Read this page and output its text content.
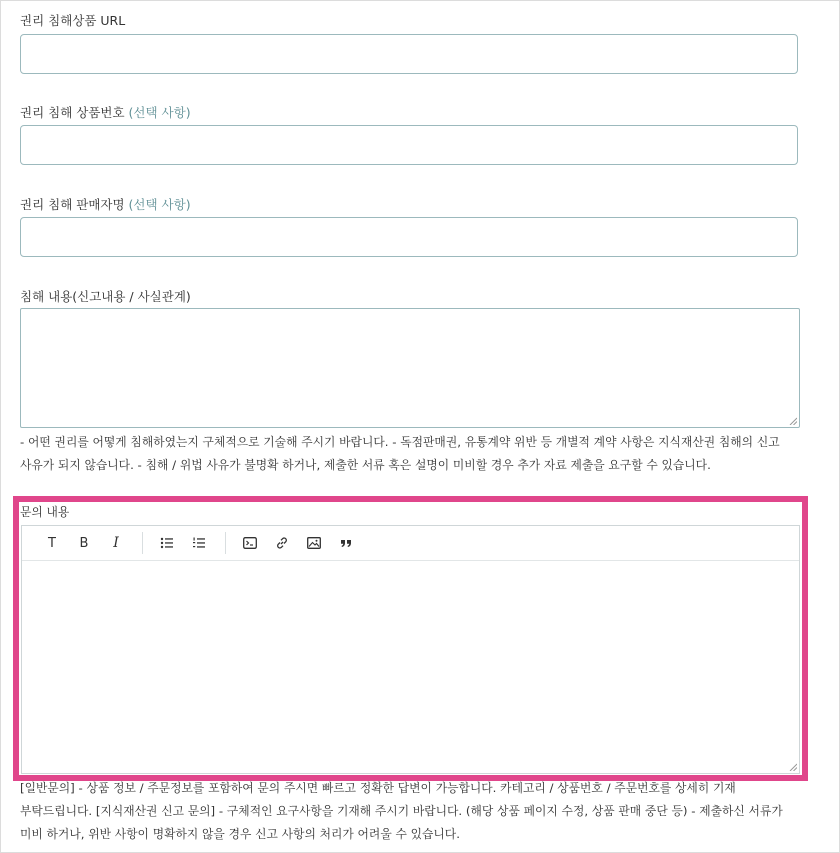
권리 침해상품 URL
권리 침해 상품번호 (선택 사항)
권리 침해 판매자명 (선택 사항)
침해 내용(신고내용 / 사실관계)
- 어떤 권리를 어떻게 침해하였는지 구체적으로 기술해 주시기 바랍니다. - 독점판매권, 유통계약 위반 등 개별적 계약 사항은 지식재산권 침해의 신고 사유가 되지 않습니다. - 침해 / 위법 사유가 불명확 하거나, 제출한 서류 혹은 설명이 미비할 경우 추가 자료 제출을 요구할 수 있습니다.
문의 내용
T B I
[일반문의] - 상품 정보 / 주문정보를 포함하여 문의 주시면 빠르고 정확한 답변이 가능합니다. 카테고리 / 상품번호 / 주문번호를 상세히 기재 부탁드립니다. [지식재산권 신고 문의] - 구체적인 요구사항을 기재해 주시기 바랍니다. (해당 상품 페이지 수정, 상품 판매 중단 등) - 제출하신 서류가 미비 하거나, 위반 사항이 명확하지 않을 경우 신고 사항의 처리가 어려울 수 있습니다.
